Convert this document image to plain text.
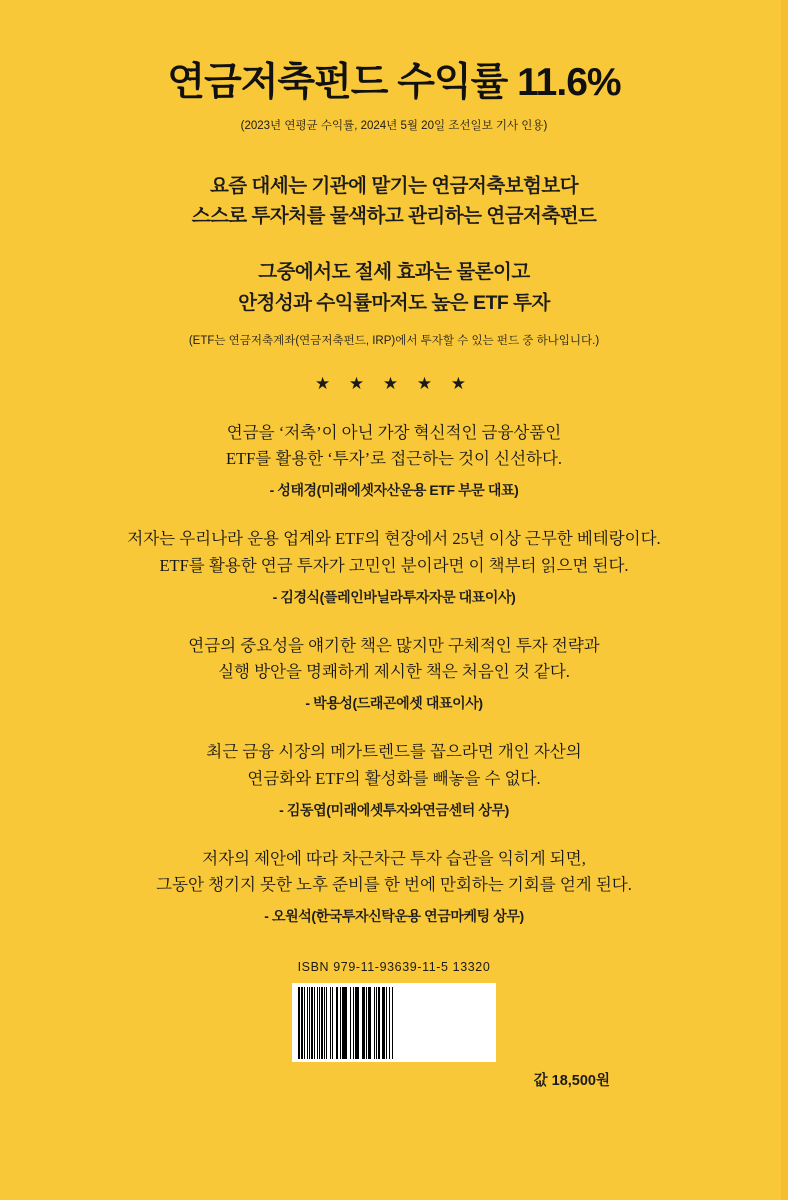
연금저축펀드 수익률 11.6%
(2023년 연평균 수익률, 2024년 5월 20일 조선일보 기사 인용)
요즘 대세는 기관에 맡기는 연금저축보험보다
스스로 투자처를 물색하고 관리하는 연금저축펀드
그중에서도 절세 효과는 물론이고
안정성과 수익률마저도 높은 ETF 투자
(ETF는 연금저축계좌(연금저축펀드, IRP)에서 투자할 수 있는 펀드 중 하나입니다.)
★ ★ ★ ★ ★
연금을 ‘저축’이 아닌 가장 혁신적인 금융상품인
ETF를 활용한 ‘투자’로 접근하는 것이 신선하다.
- 성태경(미래에셋자산운용 ETF 부문 대표)
저자는 우리나라 운용 업계와 ETF의 현장에서 25년 이상 근무한 베테랑이다.
ETF를 활용한 연금 투자가 고민인 분이라면 이 책부터 읽으면 된다.
- 김경식(플레인바닐라투자자문 대표이사)
연금의 중요성을 얘기한 책은 많지만 구체적인 투자 전략과
실행 방안을 명쾌하게 제시한 책은 처음인 것 같다.
- 박용성(드래곤에셋 대표이사)
최근 금융 시장의 메가트렌드를 꼽으라면 개인 자산의
연금화와 ETF의 활성화를 빼놓을 수 없다.
- 김동엽(미래에셋투자와연금센터 상무)
저자의 제안에 따라 차근차근 투자 습관을 익히게 되면,
그동안 챙기지 못한 노후 준비를 한 번에 만회하는 기회를 얻게 된다.
- 오원석(한국투자신탁운용 연금마케팅 상무)
ISBN 979-11-93639-11-5 13320
값 18,500원
